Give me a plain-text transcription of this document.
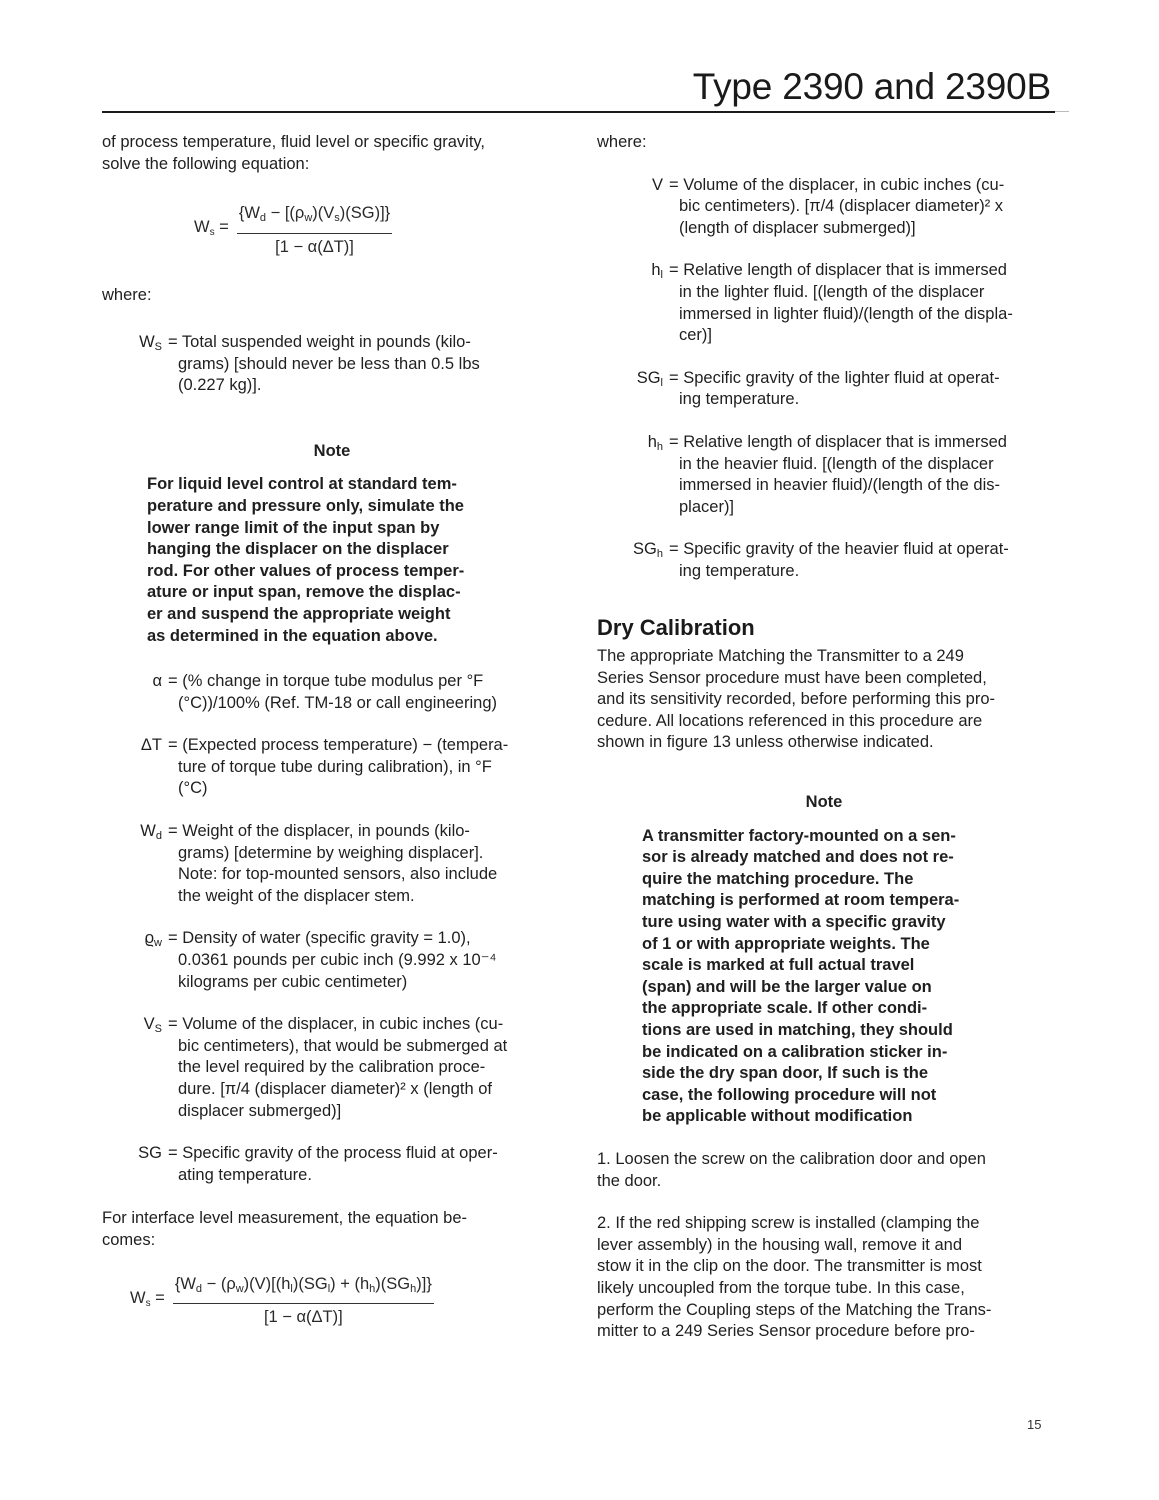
Type 2390 and 2390B

of process temperature, fluid level or specific gravity,

solve the following equation:

$W_s = \frac{\{W_d - [(\rho_w)(V_s)(SG)]\}}{[1 - \alpha(\Delta T)]}$

where:

$W_S$ = Total suspended weight in pounds (kilo-
grams) [should never be less than 0.5 lbs
(0.227 kg)].

Note

For liquid level control at standard tem-

perature and pressure only, simulate the

lower range limit of the input span by

hanging the displacer on the displacer

rod. For other values of process temper-

ature or input span, remove the displac-

er and suspend the appropriate weight

as determined in the equation above.

α = (% change in torque tube modulus per °F
(°C))/100% (Ref. TM-18 or call engineering)
ΔT = (Expected process temperature) − (tempera-
ture of torque tube during calibration), in °F
(°C)
$W_d$ = Weight of the displacer, in pounds (kilo-
grams) [determine by weighing displacer].
Note: for top-mounted sensors, also include
the weight of the displacer stem.
$ϱ_w$ = Density of water (specific gravity = 1.0),
0.0361 pounds per cubic inch (9.992 x 10⁻⁴
kilograms per cubic centimeter)
$V_S$ = Volume of the displacer, in cubic inches (cu-
bic centimeters), that would be submerged at
the level required by the calibration proce-
dure. [π/4 (displacer diameter)² x (length of
displacer submerged)]
SG = Specific gravity of the process fluid at oper-
ating temperature.

For interface level measurement, the equation be-

comes:

$W_s = \frac{\{W_d - (\rho_w)(V)[(h_l)(SG_l) + (h_h)(SG_h)]\}}{[1 - \alpha(\Delta T)]}$

where:

V = Volume of the displacer, in cubic inches (cu-
bic centimeters). [π/4 (displacer diameter)² x
(length of displacer submerged)]
$h_l$ = Relative length of displacer that is immersed
in the lighter fluid. [(length of the displacer
immersed in lighter fluid)/(length of the displa-
cer)]
$SG_l$ = Specific gravity of the lighter fluid at operat-
ing temperature.
$h_h$ = Relative length of displacer that is immersed
in the heavier fluid. [(length of the displacer
immersed in heavier fluid)/(length of the dis-
placer)]
$SG_h$ = Specific gravity of the heavier fluid at operat-
ing temperature.
Dry Calibration

The appropriate Matching the Transmitter to a 249

Series Sensor procedure must have been completed,

and its sensitivity recorded, before performing this pro-

cedure. All locations referenced in this procedure are

shown in figure 13 unless otherwise indicated.

Note

A transmitter factory-mounted on a sen-

sor is already matched and does not re-

quire the matching procedure. The

matching is performed at room tempera-

ture using water with a specific gravity

of 1 or with appropriate weights. The

scale is marked at full actual travel

(span) and will be the larger value on

the appropriate scale. If other condi-

tions are used in matching, they should

be indicated on a calibration sticker in-

side the dry span door, If such is the

case, the following procedure will not

be applicable without modification

1. Loosen the screw on the calibration door and open

the door.

2. If the red shipping screw is installed (clamping the

lever assembly) in the housing wall, remove it and

stow it in the clip on the door. The transmitter is most

likely uncoupled from the torque tube. In this case,

perform the Coupling steps of the Matching the Trans-

mitter to a 249 Series Sensor procedure before pro-

15
